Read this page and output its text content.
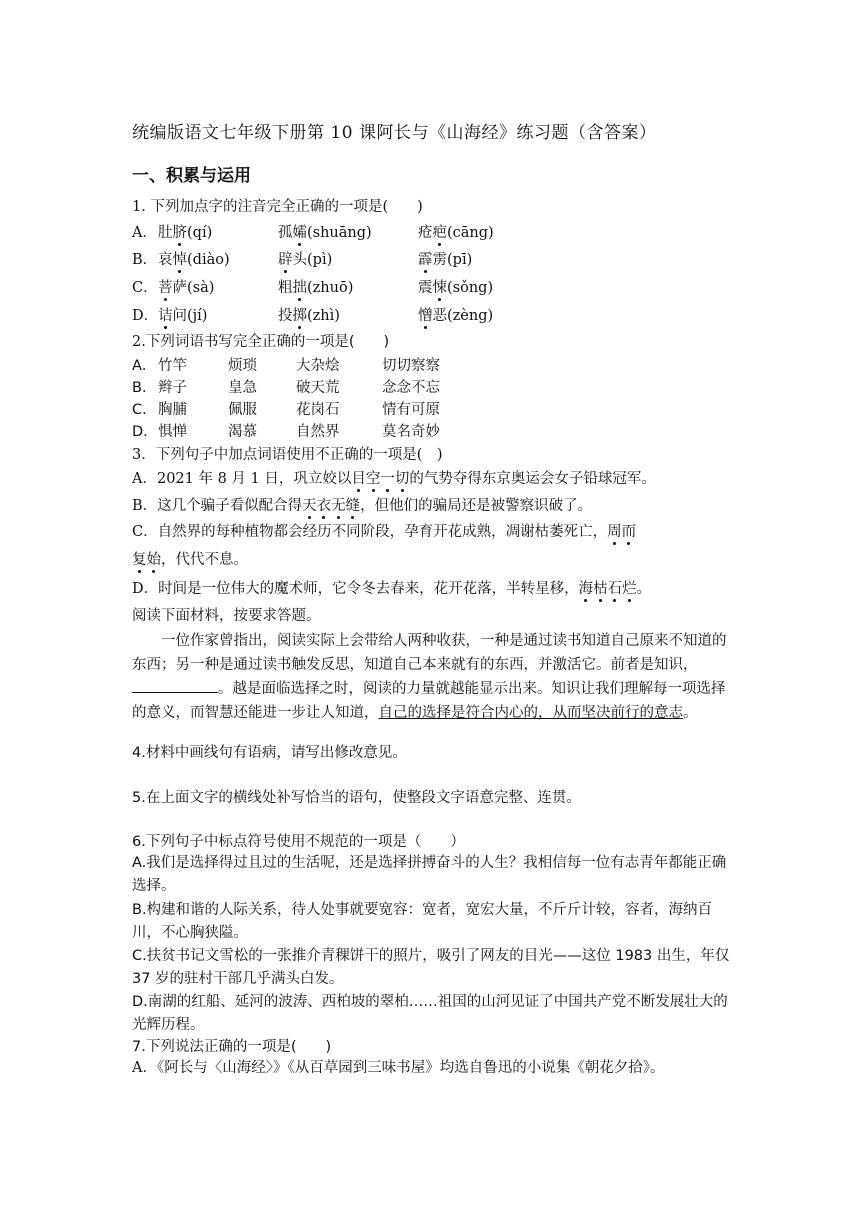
统编版语文七年级下册第 10 课阿长与《山海经》练习题（含答案）
一、积累与运用
1. 下列加点字的注音完全正确的一项是(　　)
A． 肚脐(qí)	孤孀(shuāng)	疮疤(cāng)
B． 哀悼(diào)	辟头(pì)	霹雳(pī)
C． 菩萨(sà)	粗拙(zhuō)	震悚(sǒng)
D． 诘问(jí)	投掷(zhì)	憎恶(zèng)
2.下列词语书写完全正确的一项是(　　)
A． 竹竿	烦琐	大杂烩	切切察察
B． 辫子	皇急	破天荒	念念不忘
C． 胸脯	佩服	花岗石	情有可原
D． 惧惮	渴慕	自然界	莫名奇妙
3．下列句子中加点词语使用不正确的一项是(　)
A．2021 年 8 月 1 日，巩立姣以目空一切的气势夺得东京奥运会女子铅球冠军。
B．这几个骗子看似配合得天衣无缝，但他们的骗局还是被警察识破了。
C．自然界的每种植物都会经历不同阶段，孕育开花成熟，凋谢枯萎死亡，周而
复始，代代不息。
D．时间是一位伟大的魔术师，它令冬去春来，花开花落，半转星移，海枯石烂。
阅读下面材料，按要求答题。
一位作家曾指出，阅读实际上会带给人两种收获，一种是通过读书知道自己原来不知道的东西；另一种是通过读书触发反思，知道自己本来就有的东西，并激活它。前者是知识，。越是面临选择之时，阅读的力量就越能显示出来。知识让我们理解每一项选择的意义，而智慧还能进一步让人知道，自己的选择是符合内心的，从而坚决前行的意志。
4.材料中画线句有语病，请写出修改意见。
5.在上面文字的横线处补写恰当的语句，使整段文字语意完整、连贯。
6.下列句子中标点符号使用不规范的一项是（　　）
A.我们是选择得过且过的生活呢，还是选择拼搏奋斗的人生？我相信每一位有志青年都能正确选择。
B.构建和谐的人际关系，待人处事就要宽容：宽者，宽宏大量，不斤斤计较，容者，海纳百川，不心胸狭隘。
C.扶贫书记文雪松的一张推介青稞饼干的照片，吸引了网友的目光——这位 1983 出生，年仅 37 岁的驻村干部几乎满头白发。
D.南湖的红船、延河的波涛、西柏坡的翠柏……祖国的山河见证了中国共产党不断发展壮大的光辉历程。
7.下列说法正确的一项是(　　)
A．《阿长与〈山海经〉》《从百草园到三味书屋》均选自鲁迅的小说集《朝花夕拾》。
